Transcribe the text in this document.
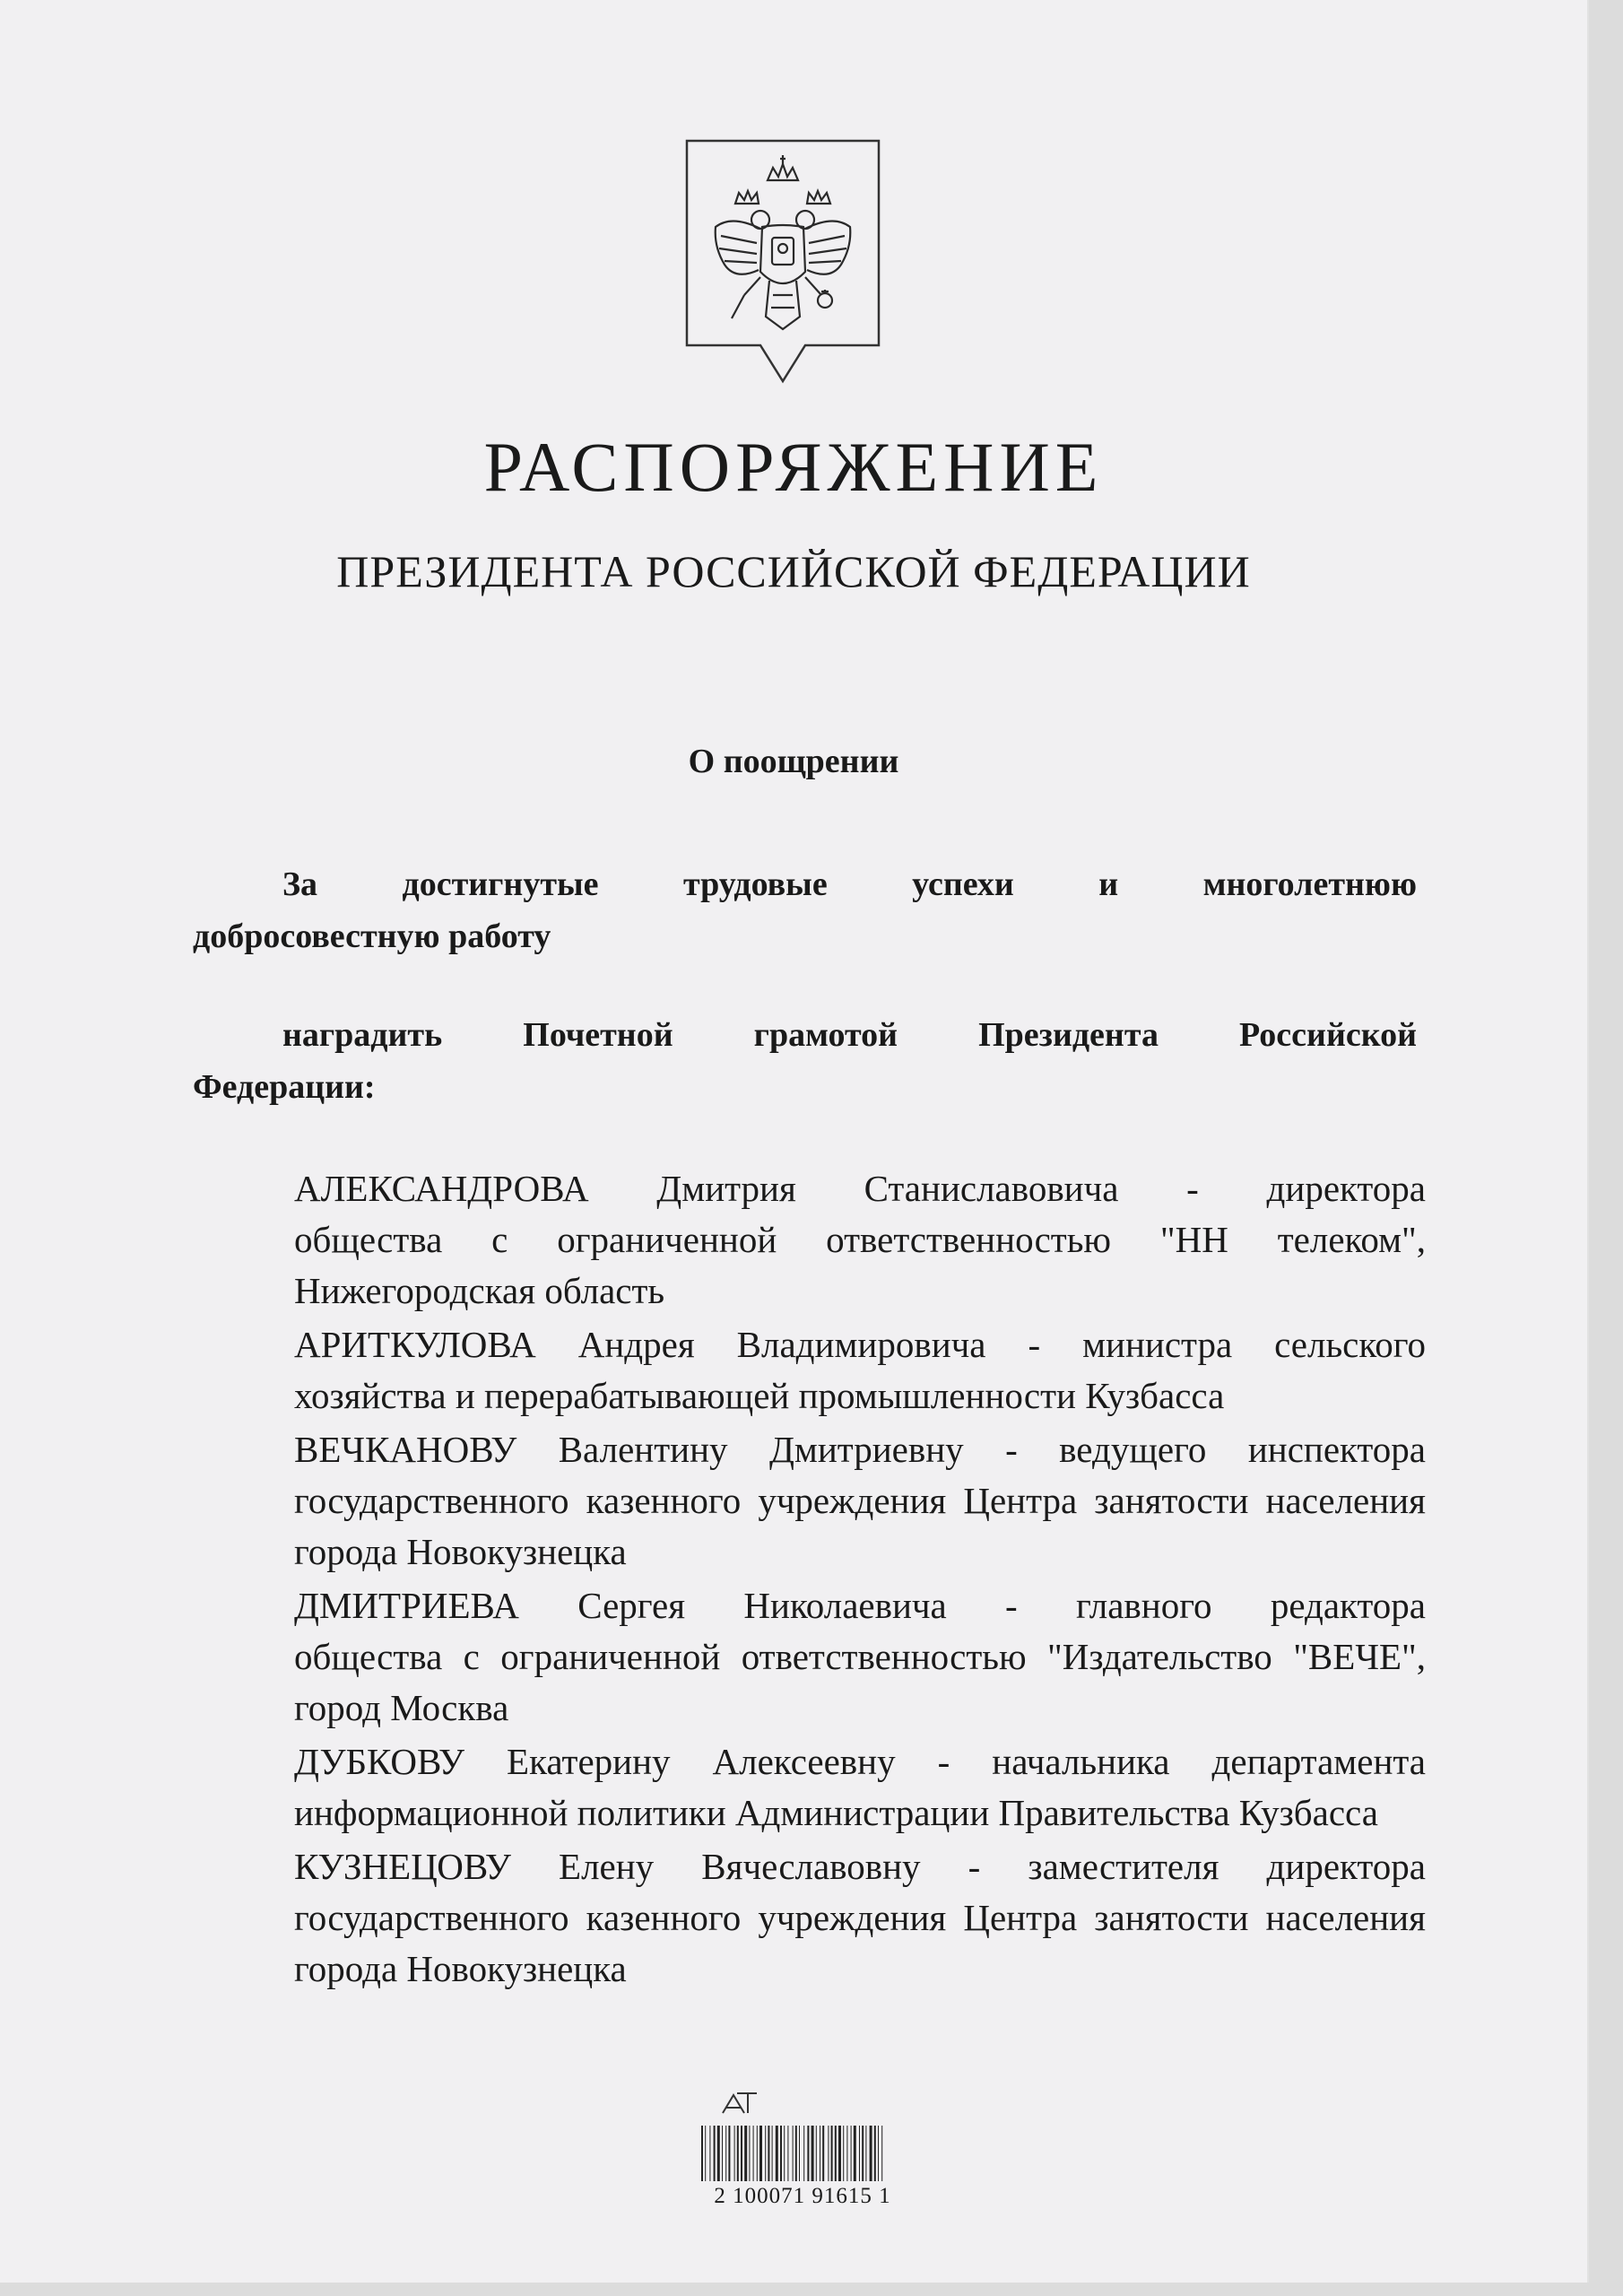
РАСПОРЯЖЕНИЕ
ПРЕЗИДЕНТА РОССИЙСКОЙ ФЕДЕРАЦИИ
О поощрении
За достигнутые трудовые успехи и многолетнюю
добросовестную работу
наградить Почетной грамотой Президента Российской
Федерации:
АЛЕКСАНДРОВА Дмитрия Станиславовича - директора
общества с ограниченной ответственностью "НН телеком",
Нижегородская область
АРИТКУЛОВА Андрея Владимировича - министра сельского
хозяйства и перерабатывающей промышленности Кузбасса
ВЕЧКАНОВУ Валентину Дмитриевну - ведущего инспектора
государственного казенного учреждения Центра занятости населения
города Новокузнецка
ДМИТРИЕВА Сергея Николаевича - главного редактора
общества с ограниченной ответственностью "Издательство "ВЕЧЕ",
город Москва
ДУБКОВУ Екатерину Алексеевну - начальника департамента
информационной политики Администрации Правительства Кузбасса
КУЗНЕЦОВУ Елену Вячеславовну - заместителя директора
государственного казенного учреждения Центра занятости населения
города Новокузнецка
2 100071 91615 1
